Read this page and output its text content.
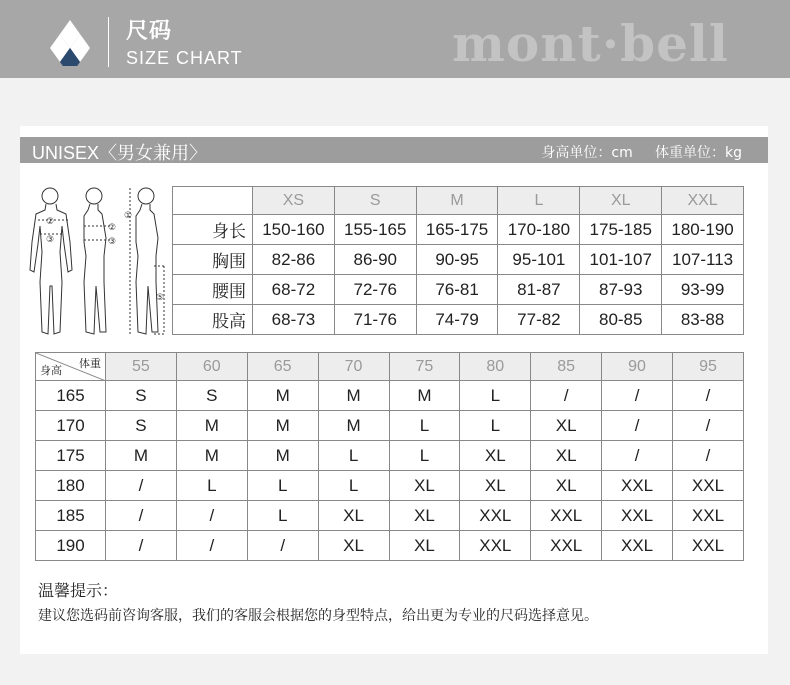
尺码
SIZE CHART	mont·bell
UNISEX〈男女兼用〉	身高单位：cm     体重单位：kg
①
②
②
③	③
⑤
	XS	S	M	L	XL	XXL
身长	150-160	155-165	165-175	170-180	175-185	180-190
胸围	82-86	86-90	90-95	95-101	101-107	107-113
腰围	68-72	72-76	76-81	81-87	87-93	93-99
股高	68-73	71-76	74-79	77-82	80-85	83-88
体重
身高	55	60	65	70	75	80	85	90	95
165	S	S	M	M	M	L	/	/	/
170	S	M	M	M	L	L	XL	/	/
175	M	M	M	L	L	XL	XL	/	/
180	/	L	L	L	XL	XL	XL	XXL	XXL
185	/	/	L	XL	XL	XXL	XXL	XXL	XXL
190	/	/	/	XL	XL	XXL	XXL	XXL	XXL
温馨提示：
建议您选码前咨询客服，我们的客服会根据您的身型特点，给出更为专业的尺码选择意见。
